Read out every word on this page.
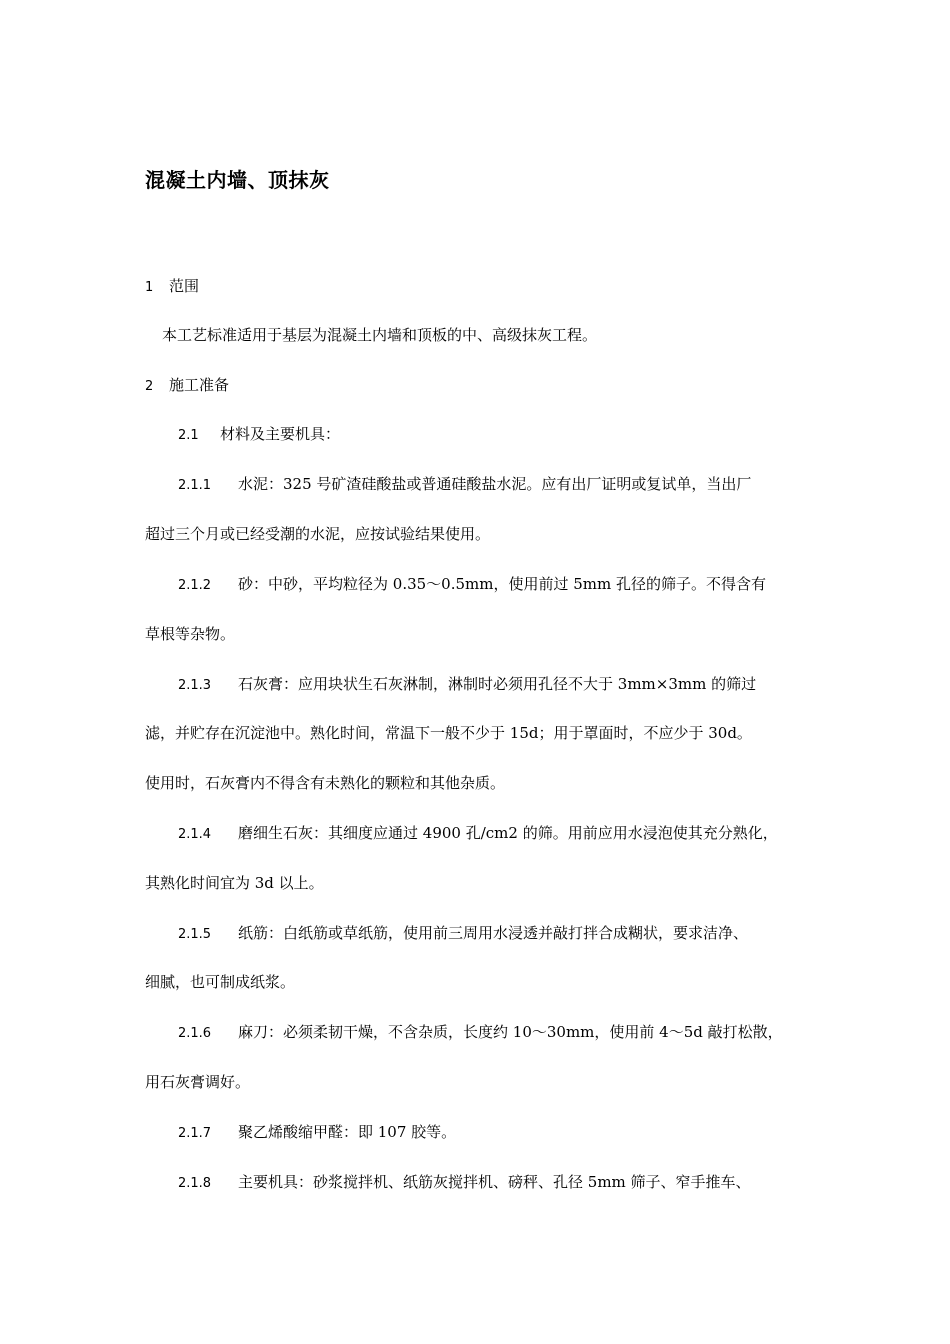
混凝土内墙、顶抹灰
1 范围
本工艺标准适用于基层为混凝土内墙和顶板的中、高级抹灰工程。
2 施工准备
2.1 材料及主要机具：
2.1.1 水泥：325 号矿渣硅酸盐或普通硅酸盐水泥。应有出厂证明或复试单，当出厂
超过三个月或已经受潮的水泥，应按试验结果使用。
2.1.2 砂：中砂，平均粒径为 0.35～0.5mm，使用前过 5mm 孔径的筛子。不得含有
草根等杂物。
2.1.3 石灰膏：应用块状生石灰淋制，淋制时必须用孔径不大于 3mm×3mm 的筛过
滤，并贮存在沉淀池中。熟化时间，常温下一般不少于 15d；用于罩面时，不应少于 30d。
使用时，石灰膏内不得含有未熟化的颗粒和其他杂质。
2.1.4 磨细生石灰：其细度应通过 4900 孔/cm2 的筛。用前应用水浸泡使其充分熟化，
其熟化时间宜为 3d 以上。
2.1.5 纸筋：白纸筋或草纸筋，使用前三周用水浸透并敲打拌合成糊状，要求洁净、
细腻，也可制成纸浆。
2.1.6 麻刀：必须柔韧干燥，不含杂质，长度约 10～30mm，使用前 4～5d 敲打松散，
用石灰膏调好。
2.1.7 聚乙烯酸缩甲醛：即 107 胶等。
2.1.8 主要机具：砂浆搅拌机、纸筋灰搅拌机、磅秤、孔径 5mm 筛子、窄手推车、
